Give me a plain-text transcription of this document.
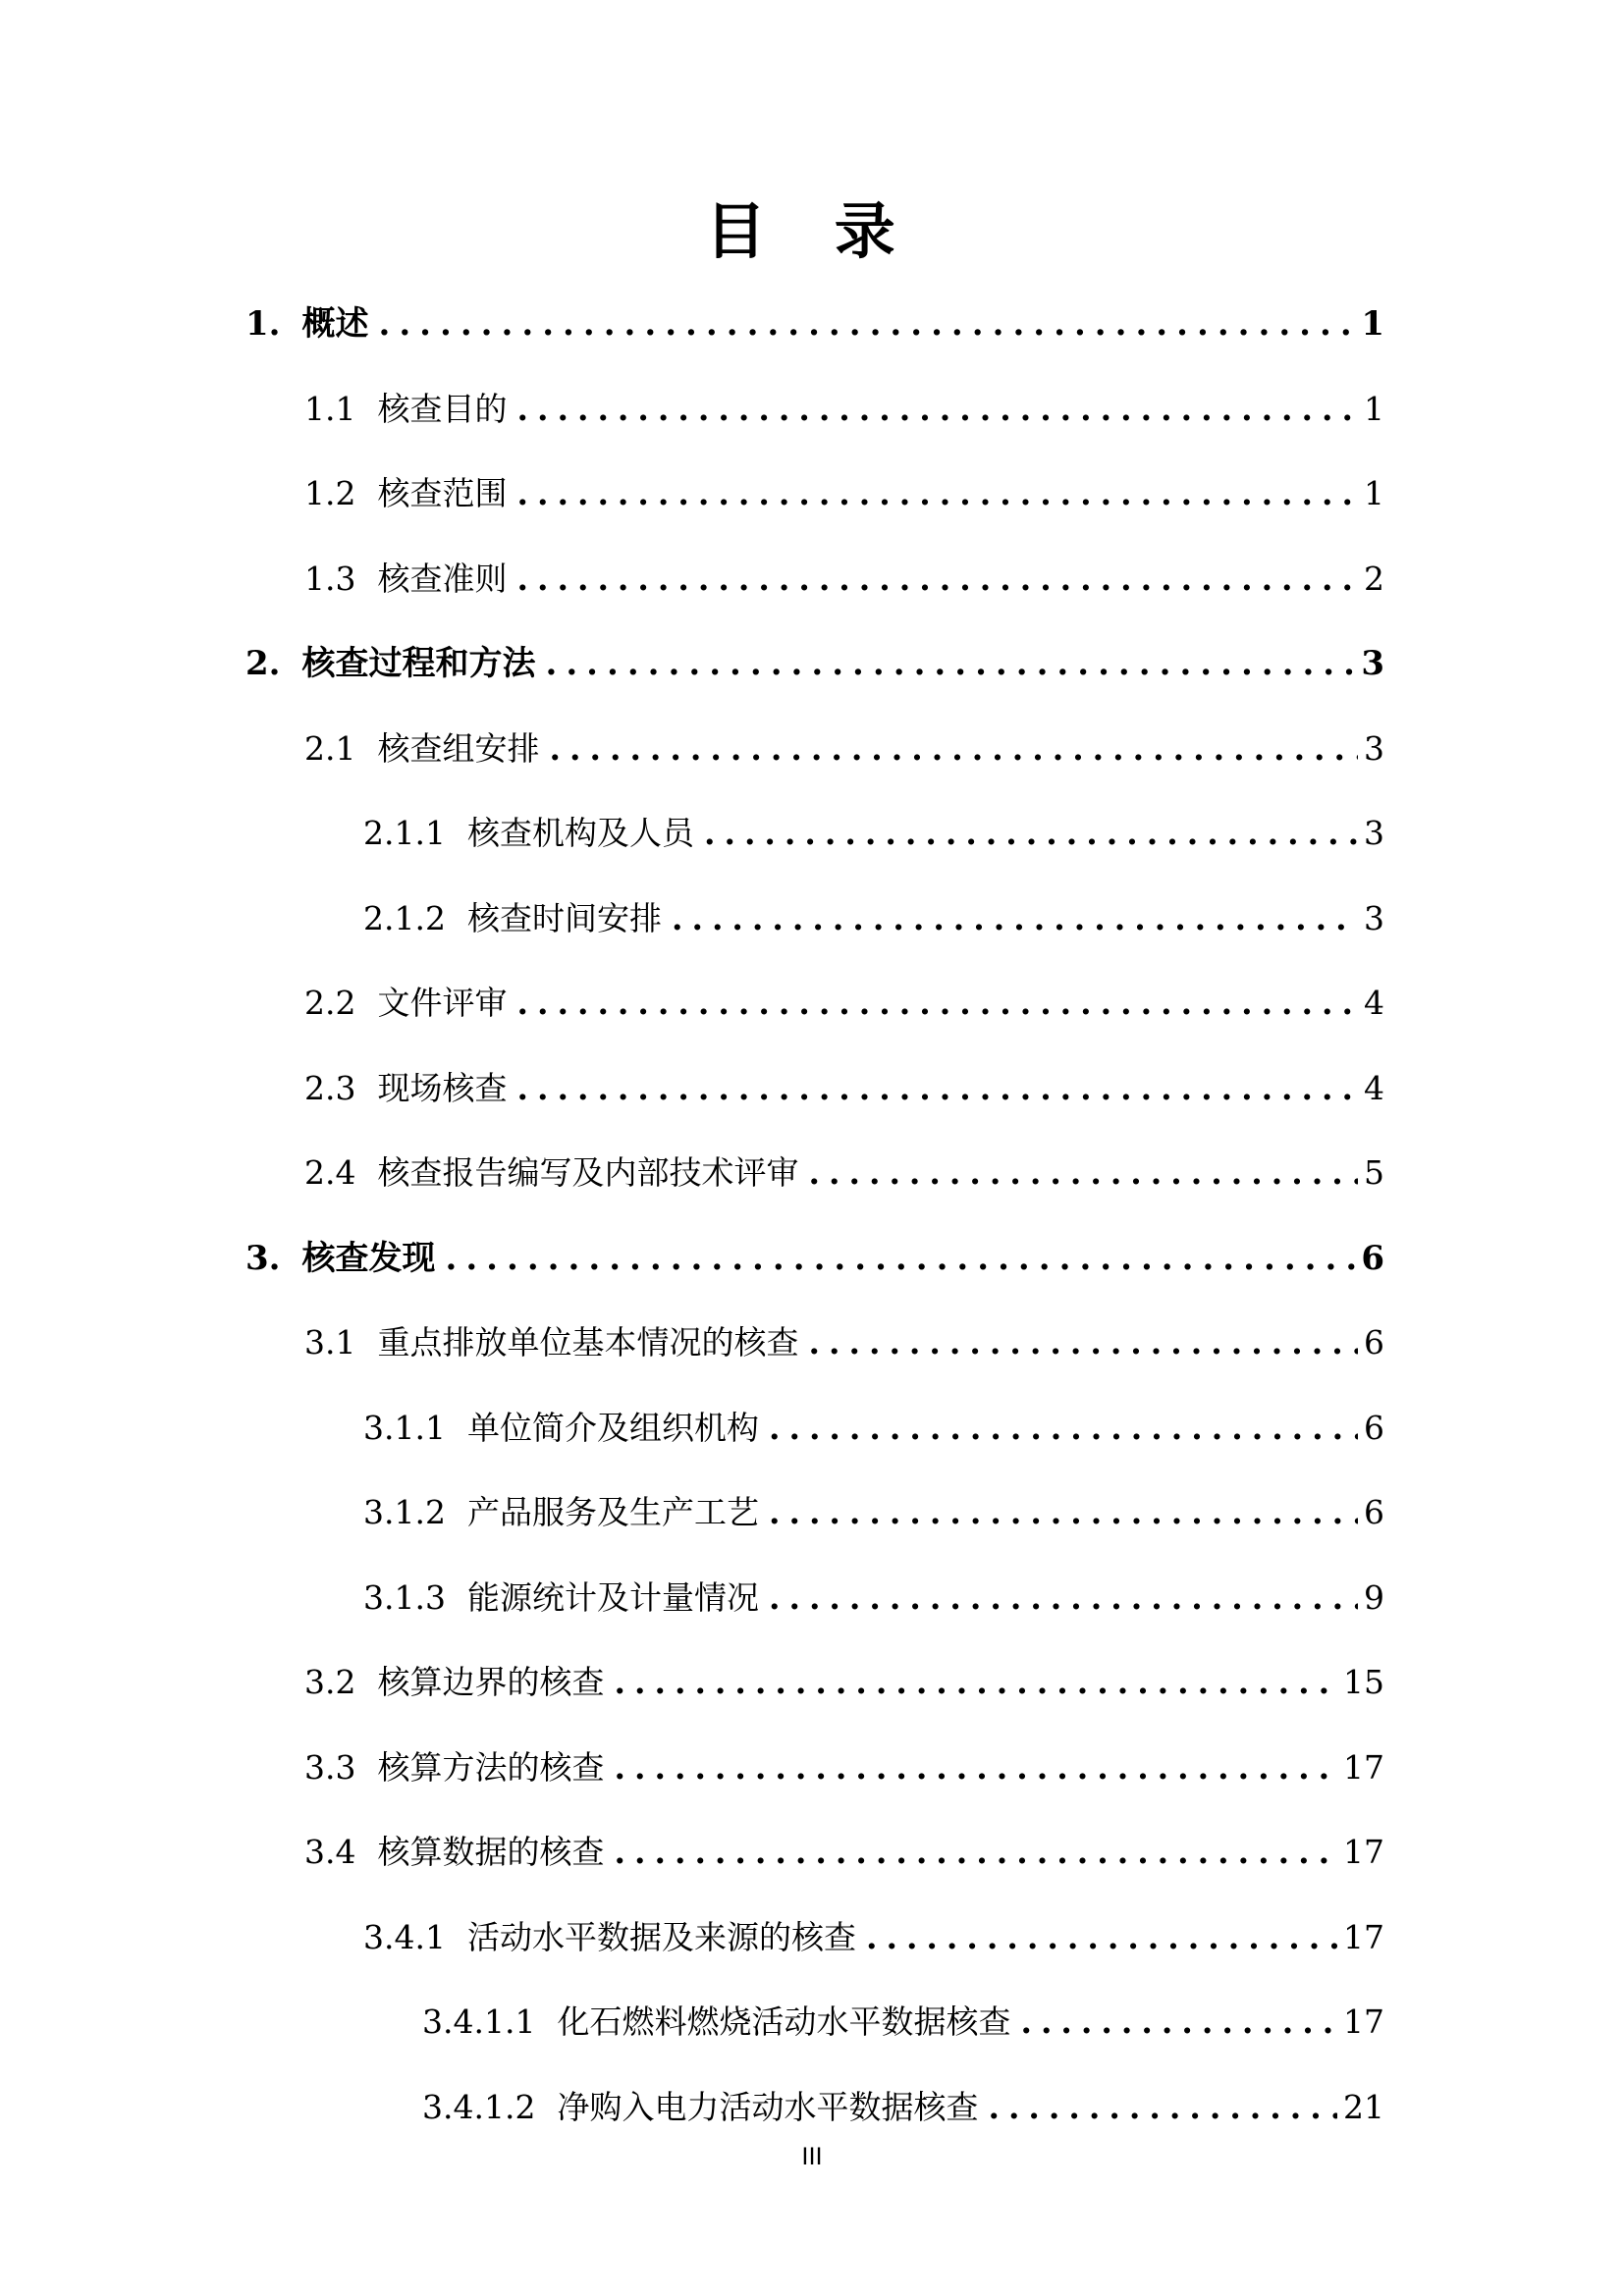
目 录
1. 概述 .....	1
1.1 核查目的 .....	1
1.2 核查范围 .....	1
1.3 核查准则 .....	2
2. 核查过程和方法 .....	3
2.1 核查组安排 .....	3
2.1.1 核查机构及人员 .....	3
2.1.2 核查时间安排 .....	3
2.2 文件评审 .....	4
2.3 现场核查 .....	4
2.4 核查报告编写及内部技术评审 .....	5
3. 核查发现 .....	6
3.1 重点排放单位基本情况的核查 .....	6
3.1.1 单位简介及组织机构 .....	6
3.1.2 产品服务及生产工艺 .....	6
3.1.3 能源统计及计量情况 .....	9
3.2 核算边界的核查 .....	15
3.3 核算方法的核查 .....	17
3.4 核算数据的核查 .....	17
3.4.1 活动水平数据及来源的核查 .....	17
3.4.1.1 化石燃料燃烧活动水平数据核查 .....	17
3.4.1.2 净购入电力活动水平数据核查 .....	21
III
